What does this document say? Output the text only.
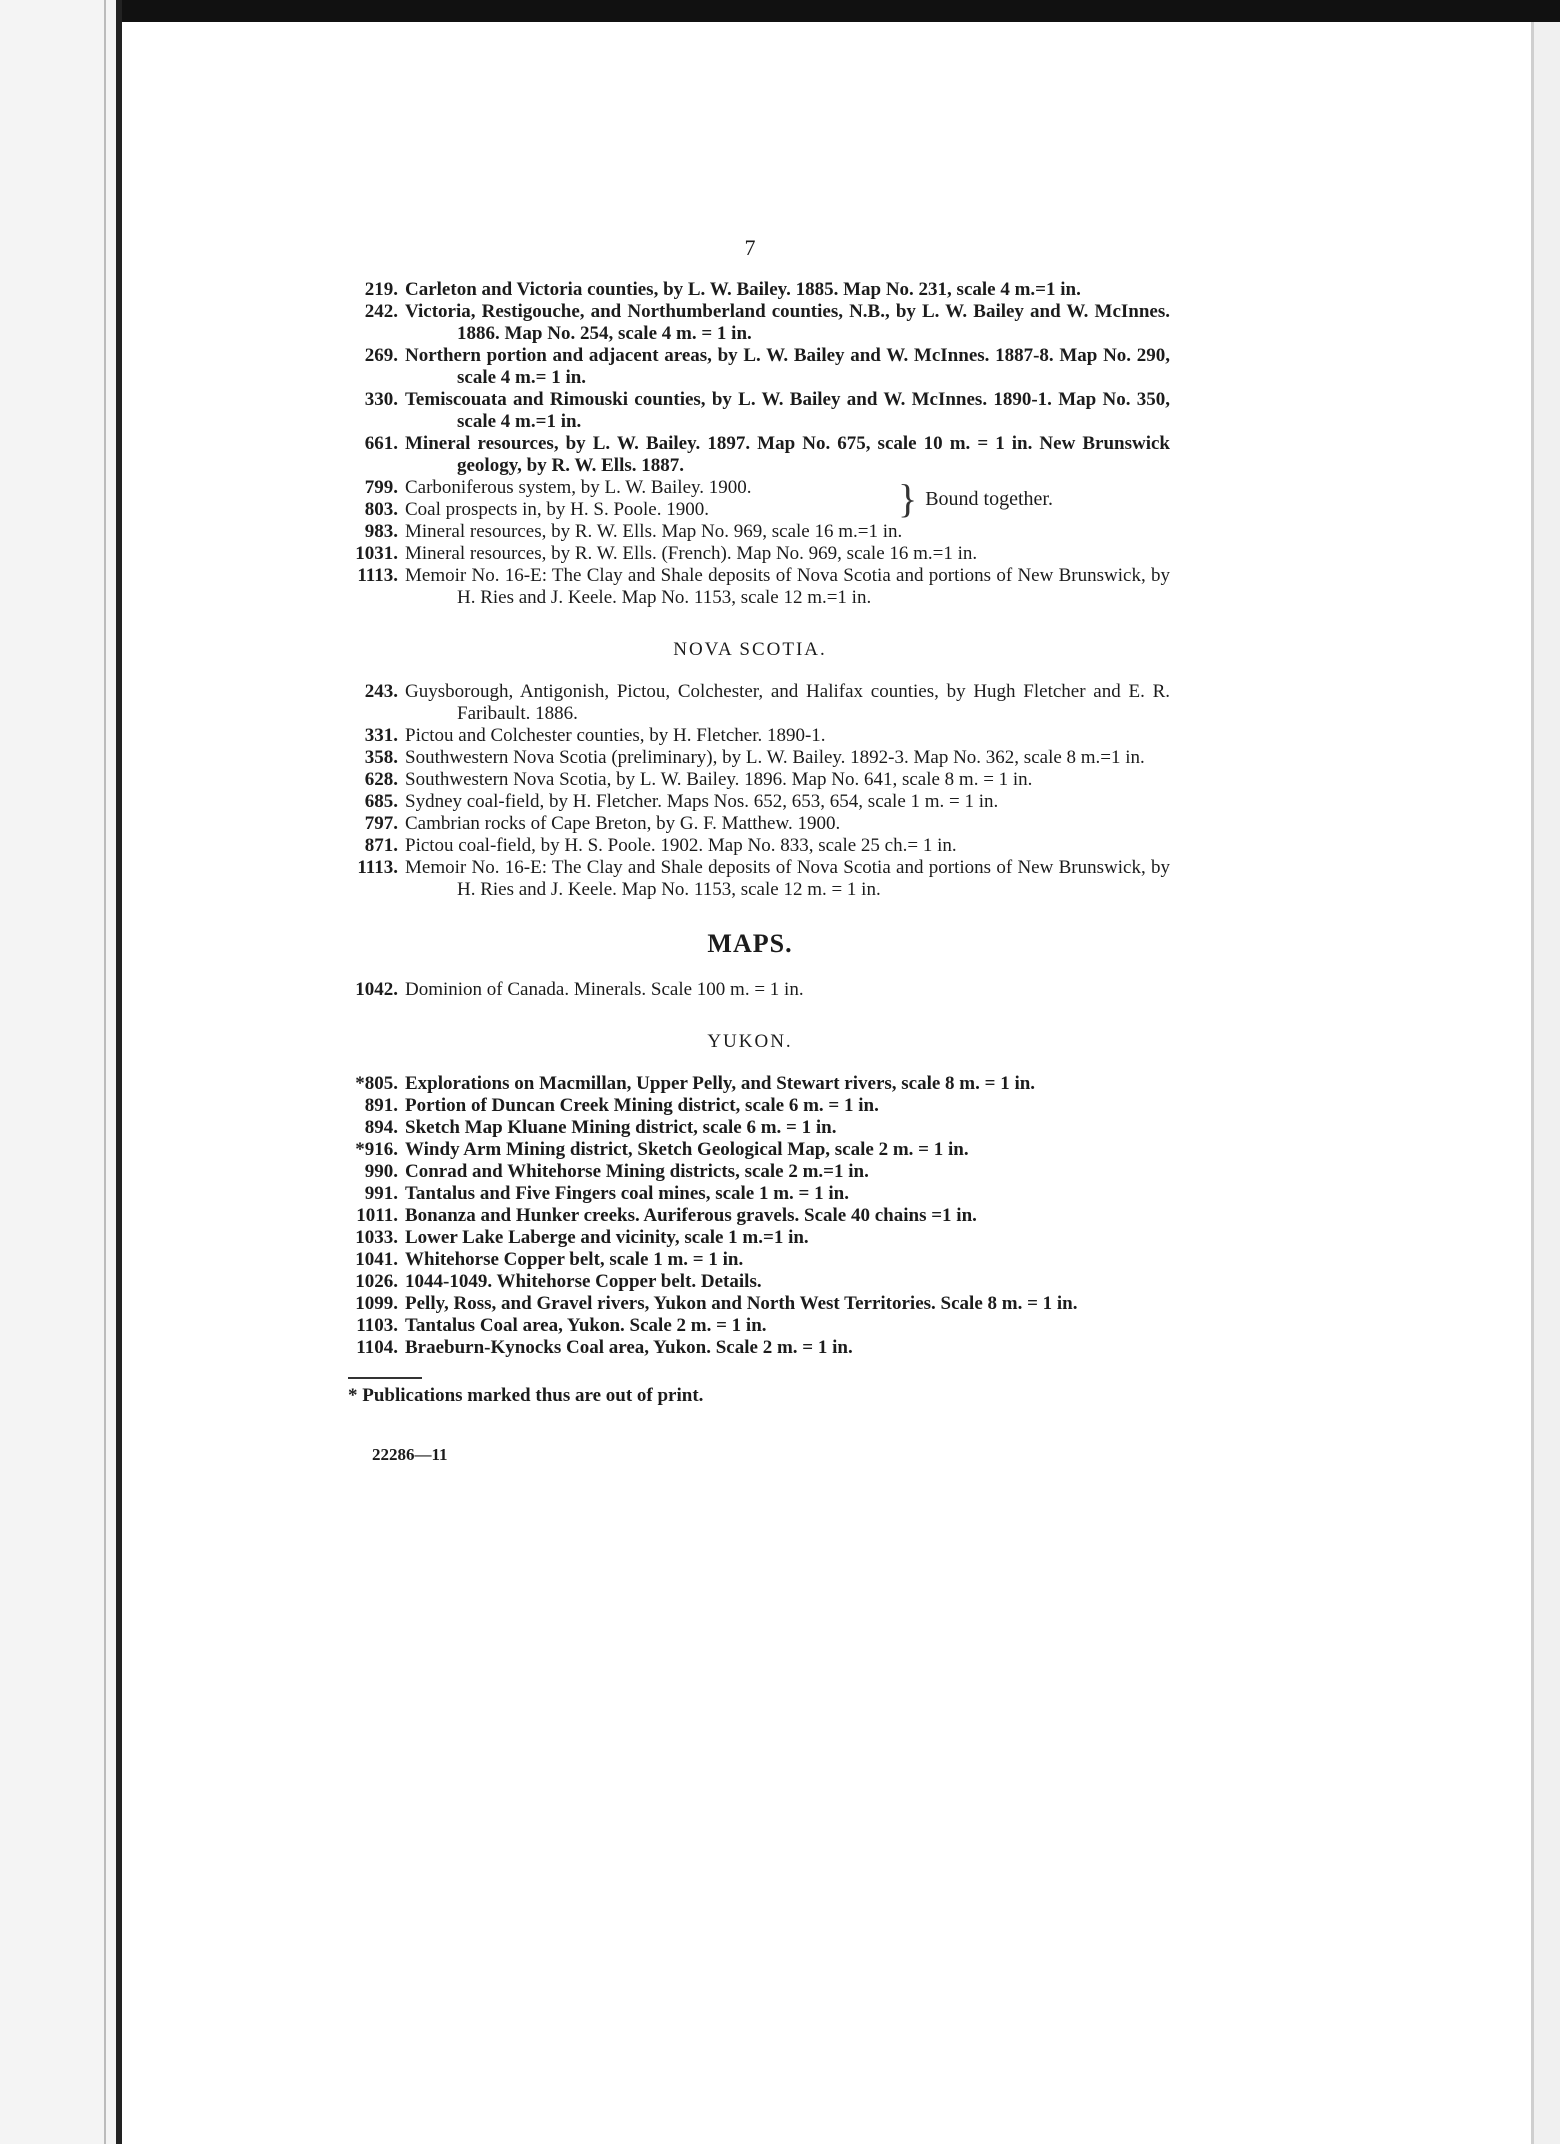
7
219. Carleton and Victoria counties, by L. W. Bailey. 1885. Map No. 231, scale 4 m.=1 in.
242. Victoria, Restigouche, and Northumberland counties, N.B., by L. W. Bailey and W. McInnes. 1886. Map No. 254, scale 4 m. = 1 in.
269. Northern portion and adjacent areas, by L. W. Bailey and W. McInnes. 1887-8. Map No. 290, scale 4 m.= 1 in.
330. Temiscouata and Rimouski counties, by L. W. Bailey and W. McInnes. 1890-1. Map No. 350, scale 4 m.=1 in.
661. Mineral resources, by L. W. Bailey. 1897. Map No. 675, scale 10 m. = 1 in. New Brunswick geology, by R. W. Ells. 1887.
799. Carboniferous system, by L. W. Bailey. 1900.
803. Coal prospects in, by H. S. Poole. 1900.	} Bound together.
983. Mineral resources, by R. W. Ells. Map No. 969, scale 16 m.=1 in.
1031. Mineral resources, by R. W. Ells. (French). Map No. 969, scale 16 m.=1 in.
1113. Memoir No. 16-E: The Clay and Shale deposits of Nova Scotia and portions of New Brunswick, by H. Ries and J. Keele. Map No. 1153, scale 12 m.=1 in.
NOVA SCOTIA.
243. Guysborough, Antigonish, Pictou, Colchester, and Halifax counties, by Hugh Fletcher and E. R. Faribault. 1886.
331. Pictou and Colchester counties, by H. Fletcher. 1890-1.
358. Southwestern Nova Scotia (preliminary), by L. W. Bailey. 1892-3. Map No. 362, scale 8 m.=1 in.
628. Southwestern Nova Scotia, by L. W. Bailey. 1896. Map No. 641, scale 8 m. = 1 in.
685. Sydney coal-field, by H. Fletcher. Maps Nos. 652, 653, 654, scale 1 m. = 1 in.
797. Cambrian rocks of Cape Breton, by G. F. Matthew. 1900.
871. Pictou coal-field, by H. S. Poole. 1902. Map No. 833, scale 25 ch.= 1 in.
1113. Memoir No. 16-E: The Clay and Shale deposits of Nova Scotia and portions of New Brunswick, by H. Ries and J. Keele. Map No. 1153, scale 12 m. = 1 in.
MAPS.
1042. Dominion of Canada. Minerals. Scale 100 m. = 1 in.
YUKON.
*805. Explorations on Macmillan, Upper Pelly, and Stewart rivers, scale 8 m. = 1 in.
891. Portion of Duncan Creek Mining district, scale 6 m. = 1 in.
894. Sketch Map Kluane Mining district, scale 6 m. = 1 in.
*916. Windy Arm Mining district, Sketch Geological Map, scale 2 m. = 1 in.
990. Conrad and Whitehorse Mining districts, scale 2 m.=1 in.
991. Tantalus and Five Fingers coal mines, scale 1 m. = 1 in.
1011. Bonanza and Hunker creeks. Auriferous gravels. Scale 40 chains =1 in.
1033. Lower Lake Laberge and vicinity, scale 1 m.=1 in.
1041. Whitehorse Copper belt, scale 1 m. = 1 in.
1026. 1044-1049. Whitehorse Copper belt. Details.
1099. Pelly, Ross, and Gravel rivers, Yukon and North West Territories. Scale 8 m. = 1 in.
1103. Tantalus Coal area, Yukon. Scale 2 m. = 1 in.
1104. Braeburn-Kynocks Coal area, Yukon. Scale 2 m. = 1 in.
* Publications marked thus are out of print.
22286—11
